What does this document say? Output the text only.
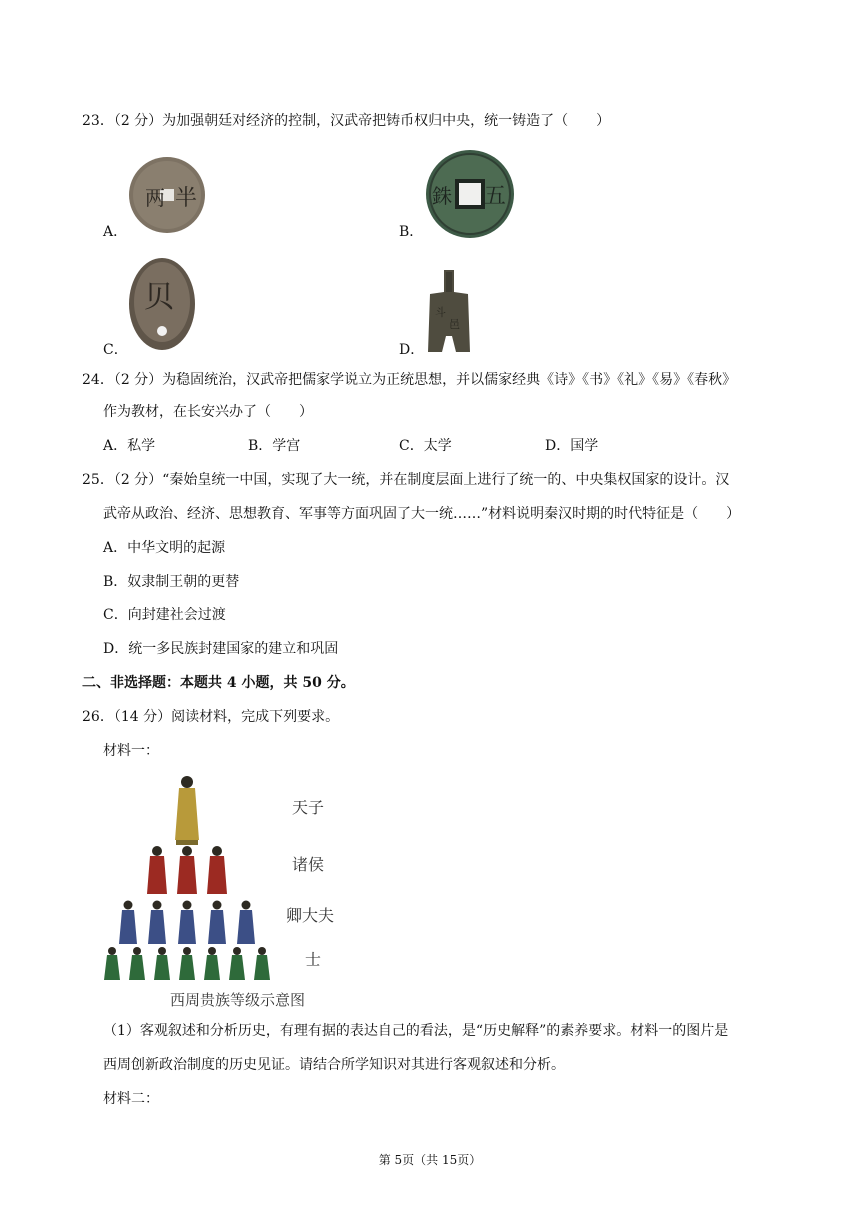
23．（2 分）为加强朝廷对经济的控制，汉武帝把铸币权归中央，统一铸造了（　　）
两 半
A．
銖 五
B．
贝
C．
斗
邑
D．
24．（2 分）为稳固统治，汉武帝把儒家学说立为正统思想，并以儒家经典《诗》《书》《礼》《易》《春秋》
作为教材，在长安兴办了（　　）
A．私学	B．学宫	C．太学	D．国学
25．（2 分）“秦始皇统一中国，实现了大一统，并在制度层面上进行了统一的、中央集权国家的设计。汉
武帝从政治、经济、思想教育、军事等方面巩固了大一统……”材料说明秦汉时期的时代特征是（　　）
A．中华文明的起源
B．奴隶制王朝的更替
C．向封建社会过渡
D．统一多民族封建国家的建立和巩固
二、非选择题：本题共 4 小题，共 50 分。
26．（14 分）阅读材料，完成下列要求。
材料一：
天子
诸侯
卿大夫
士
西周贵族等级示意图
（1）客观叙述和分析历史，有理有据的表达自己的看法，是“历史解释”的素养要求。材料一的图片是
西周创新政治制度的历史见证。请结合所学知识对其进行客观叙述和分析。
材料二：
第 5页（共 15页）
